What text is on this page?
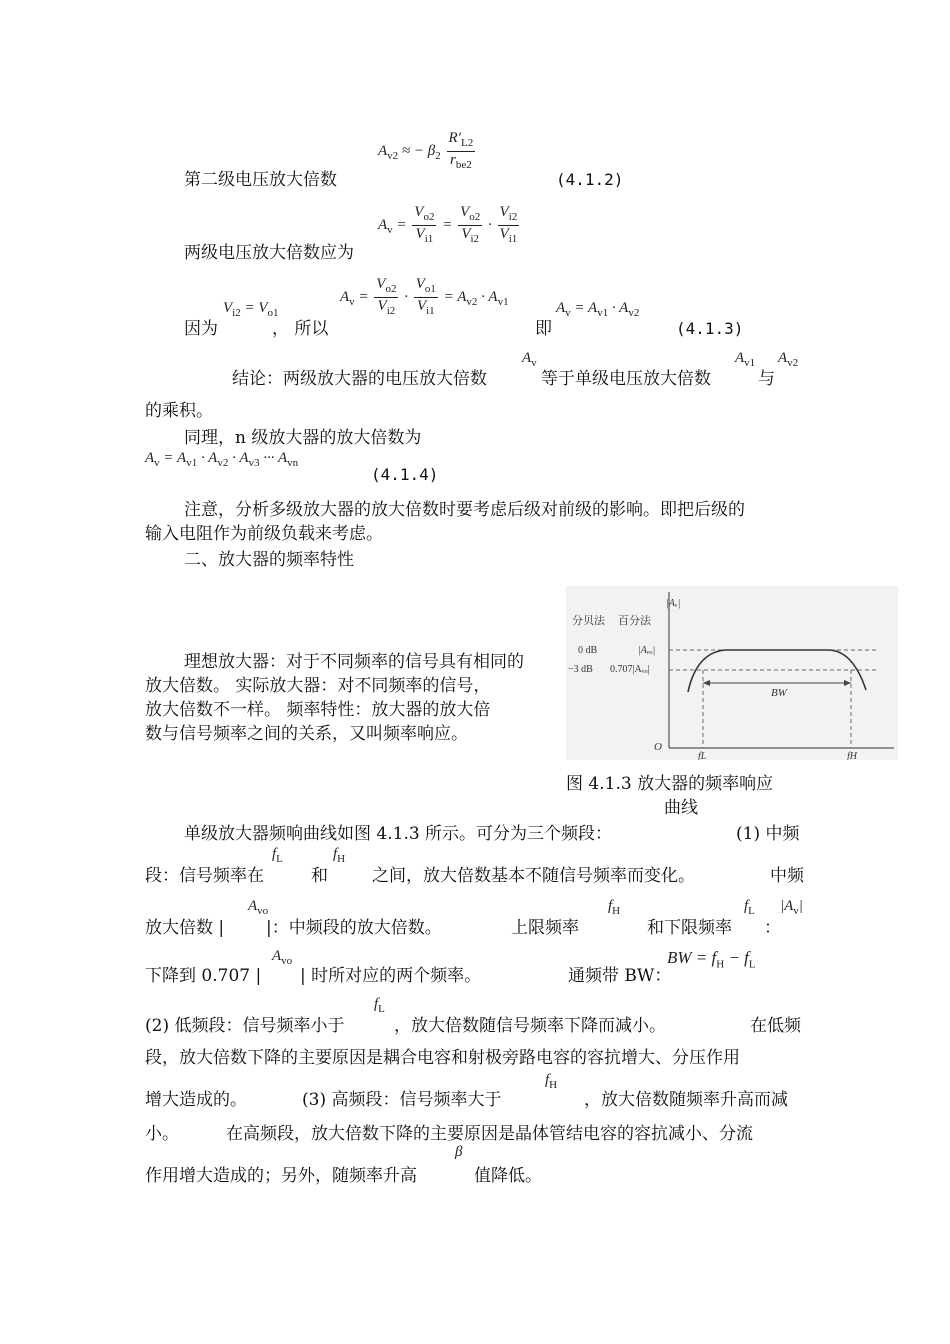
$A_{v2}$ ≈ − $\beta_2$
$R'_{L2}$
$r_{be2}$
第二级电压放大倍数	(4.1.2)
$A_v = \frac{V_{o2}}{V_{i1}} = \frac{V_{o2}}{V_{i2}} \cdot \frac{V_{i2}}{V_{i1}}$
两级电压放大倍数应为
$V_{i2} = V_{o1}$
$A_v = \frac{V_{o2}}{V_{i2}} \cdot \frac{V_{o1}}{V_{i1}} = A_{v2} \cdot A_{v1}$	$A_v = A_{v1} \cdot A_{v2}$
因为	， 所以	即	(4.1.3)
结论：两级放大器的电压放大倍数
$A_v$
等于单级电压放大倍数
$A_{v1}$
与
$A_{v2}$
的乘积。
同理，n 级放大器的放大倍数为
$A_v = A_{v1} \cdot A_{v2} \cdot A_{v3}$ ··· $A_{vn}$
(4.1.4)
注意，分析多级放大器的放大倍数时要考虑后级对前级的影响。即把后级的
输入电阻作为前级负载来考虑。
二、放大器的频率特性
理想放大器：对于不同频率的信号具有相同的
放大倍数。 实际放大器：对不同频率的信号，
放大倍数不一样。 频率特性：放大器的放大倍
数与信号频率之间的关系，又叫频率响应。
|Aᵥ|
分贝法 百分法
0 dB	|Aᵥₒ|
−3 dB 0.707|Aᵥₒ|
BW
O
fL	fH
图 4.1.3 放大器的频率响应
曲线
单级放大器频响曲线如图 4.1.3 所示。可分为三个频段：	(1) 中频
段：信号频率在
$f_L$
和
$f_H$
之间，放大倍数基本不随信号频率而变化。	中频
放大倍数 |
$A_{vo}$
|：中频段的放大倍数。	上限频率
$f_H$
和下限频率
$f_L$
：
$|A_v|$
下降到 0.707 |
$A_{vo}$
| 时所对应的两个频率。	通频带 BW：
BW = $f_H - f_L$
(2) 低频段：信号频率小于
$f_L$
，放大倍数随信号频率下降而减小。	在低频
段，放大倍数下降的主要原因是耦合电容和射极旁路电容的容抗增大、分压作用
增大造成的。	(3) 高频段：信号频率大于
$f_H$
，放大倍数随频率升高而减
小。	在高频段，放大倍数下降的主要原因是晶体管结电容的容抗减小、分流
作用增大造成的；另外，随频率升高
β
值降低。
